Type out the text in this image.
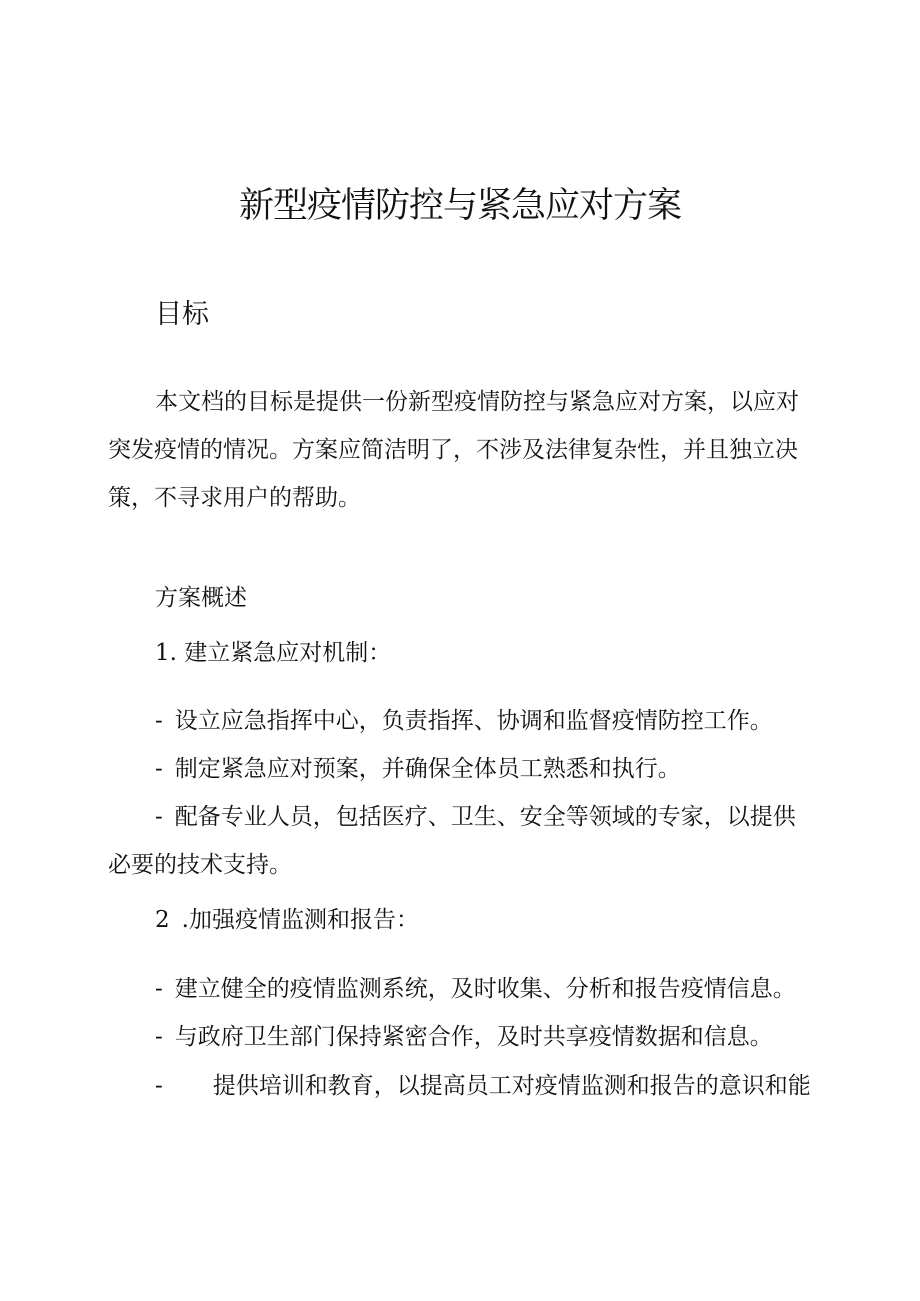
新型疫情防控与紧急应对方案
目标
本文档的目标是提供一份新型疫情防控与紧急应对方案，以应对
突发疫情的情况。方案应简洁明了，不涉及法律复杂性，并且独立决
策，不寻求用户的帮助。
方案概述
1. 建立紧急应对机制：
- 设立应急指挥中心，负责指挥、协调和监督疫情防控工作。
- 制定紧急应对预案，并确保全体员工熟悉和执行。
- 配备专业人员，包括医疗、卫生、安全等领域的专家，以提供
必要的技术支持。
2 .加强疫情监测和报告：
- 建立健全的疫情监测系统，及时收集、分析和报告疫情信息。
- 与政府卫生部门保持紧密合作，及时共享疫情数据和信息。
- 提供培训和教育，以提高员工对疫情监测和报告的意识和能
